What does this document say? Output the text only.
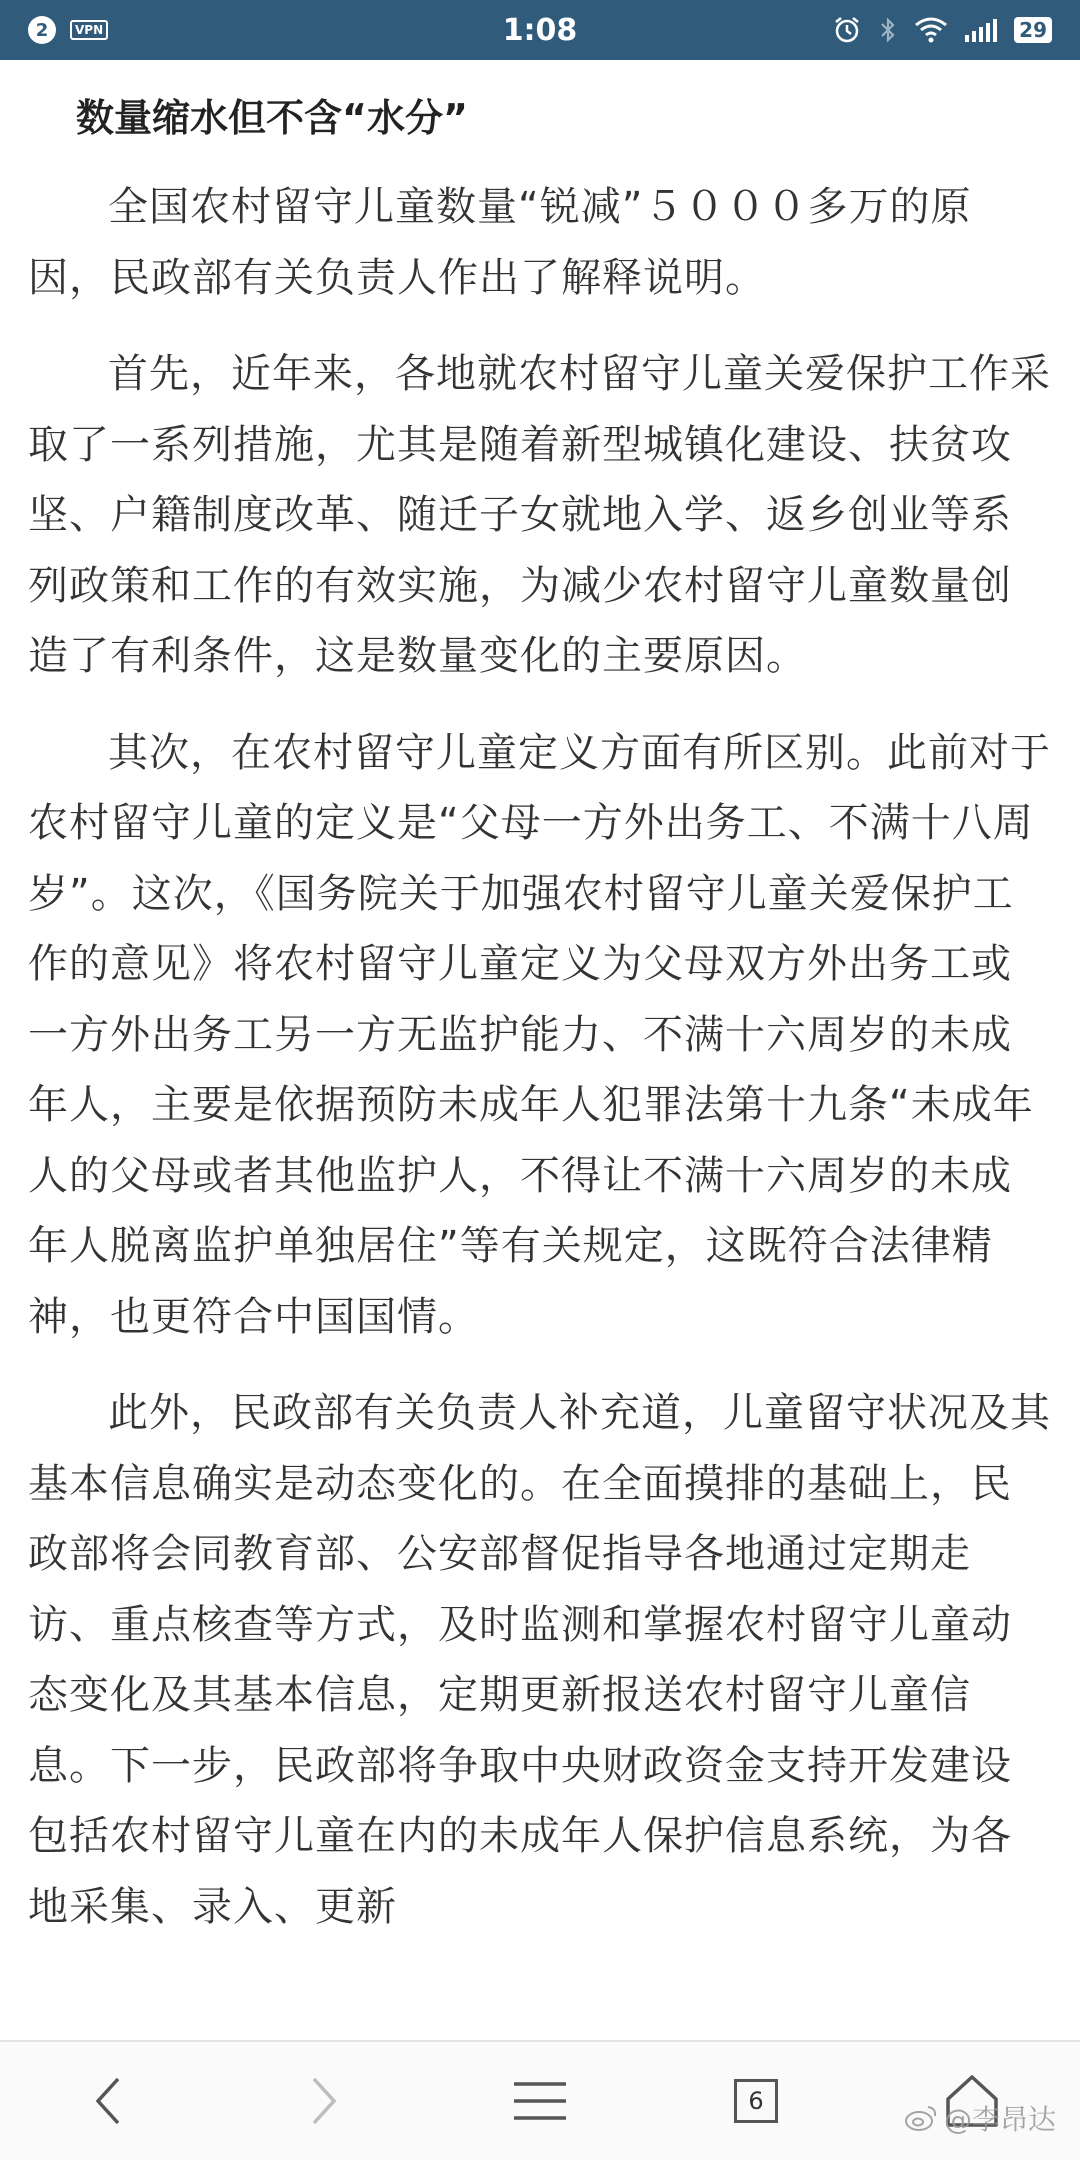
2	VPN	1:08	29
数量缩水但不含“水分”

全国农村留守儿童数量“锐减”５０００多万的原因，民政部有关负责人作出了解释说明。

首先，近年来，各地就农村留守儿童关爱保护工作采取了一系列措施，尤其是随着新型城镇化建设、扶贫攻坚、户籍制度改革、随迁子女就地入学、返乡创业等系列政策和工作的有效实施，为减少农村留守儿童数量创造了有利条件，这是数量变化的主要原因。

其次，在农村留守儿童定义方面有所区别。此前对于农村留守儿童的定义是“父母一方外出务工、不满十八周岁”。这次，《国务院关于加强农村留守儿童关爱保护工作的意见》将农村留守儿童定义为父母双方外出务工或一方外出务工另一方无监护能力、不满十六周岁的未成年人，主要是依据预防未成年人犯罪法第十九条“未成年人的父母或者其他监护人，不得让不满十六周岁的未成年人脱离监护单独居住”等有关规定，这既符合法律精神，也更符合中国国情。

此外，民政部有关负责人补充道，儿童留守状况及其基本信息确实是动态变化的。在全面摸排的基础上，民政部将会同教育部、公安部督促指导各地通过定期走访、重点核查等方式，及时监测和掌握农村留守儿童动态变化及其基本信息，定期更新报送农村留守儿童信息。下一步，民政部将争取中央财政资金支持开发建设包括农村留守儿童在内的未成年人保护信息系统，为各地采集、录入、更新

6
@李昂达
